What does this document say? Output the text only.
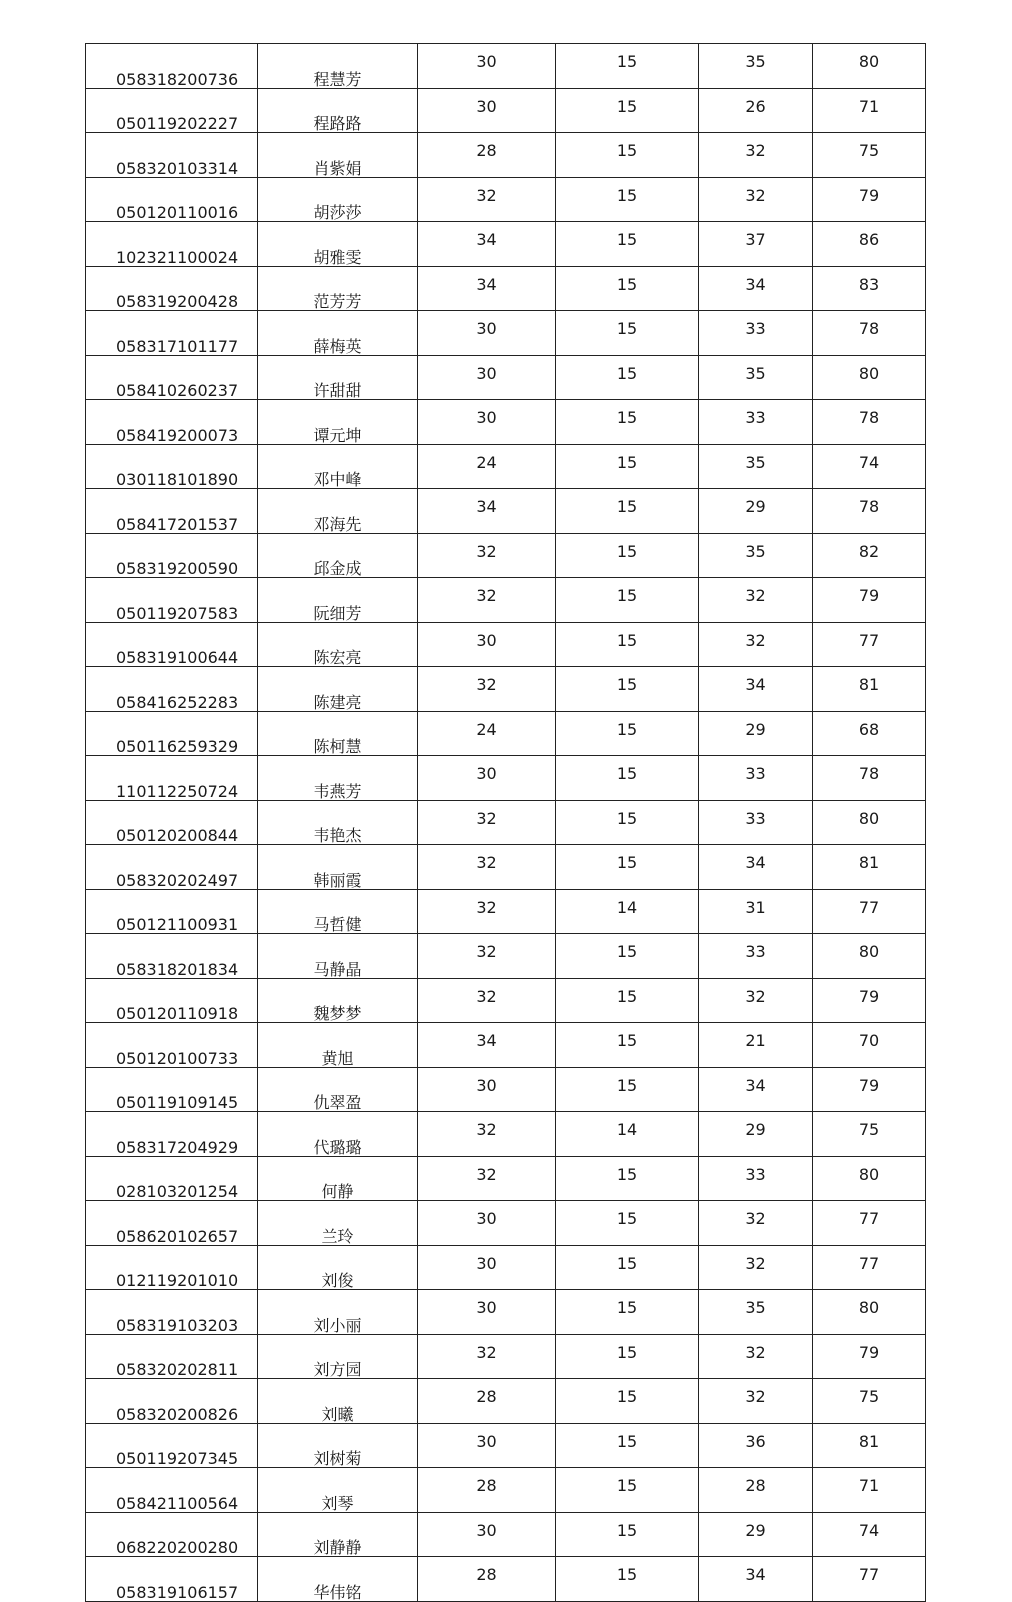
058318200736	程慧芳	30	15	35	80
050119202227	程路路	30	15	26	71
058320103314	肖紫娟	28	15	32	75
050120110016	胡莎莎	32	15	32	79
102321100024	胡雅雯	34	15	37	86
058319200428	范芳芳	34	15	34	83
058317101177	薛梅英	30	15	33	78
058410260237	许甜甜	30	15	35	80
058419200073	谭元坤	30	15	33	78
030118101890	邓中峰	24	15	35	74
058417201537	邓海先	34	15	29	78
058319200590	邱金成	32	15	35	82
050119207583	阮细芳	32	15	32	79
058319100644	陈宏亮	30	15	32	77
058416252283	陈建亮	32	15	34	81
050116259329	陈柯慧	24	15	29	68
110112250724	韦燕芳	30	15	33	78
050120200844	韦艳杰	32	15	33	80
058320202497	韩丽霞	32	15	34	81
050121100931	马哲健	32	14	31	77
058318201834	马静晶	32	15	33	80
050120110918	魏梦梦	32	15	32	79
050120100733	黄旭	34	15	21	70
050119109145	仇翠盈	30	15	34	79
058317204929	代璐璐	32	14	29	75
028103201254	何静	32	15	33	80
058620102657	兰玲	30	15	32	77
012119201010	刘俊	30	15	32	77
058319103203	刘小丽	30	15	35	80
058320202811	刘方园	32	15	32	79
058320200826	刘曦	28	15	32	75
050119207345	刘树菊	30	15	36	81
058421100564	刘琴	28	15	28	71
068220200280	刘静静	30	15	29	74
058319106157	华伟铭	28	15	34	77
